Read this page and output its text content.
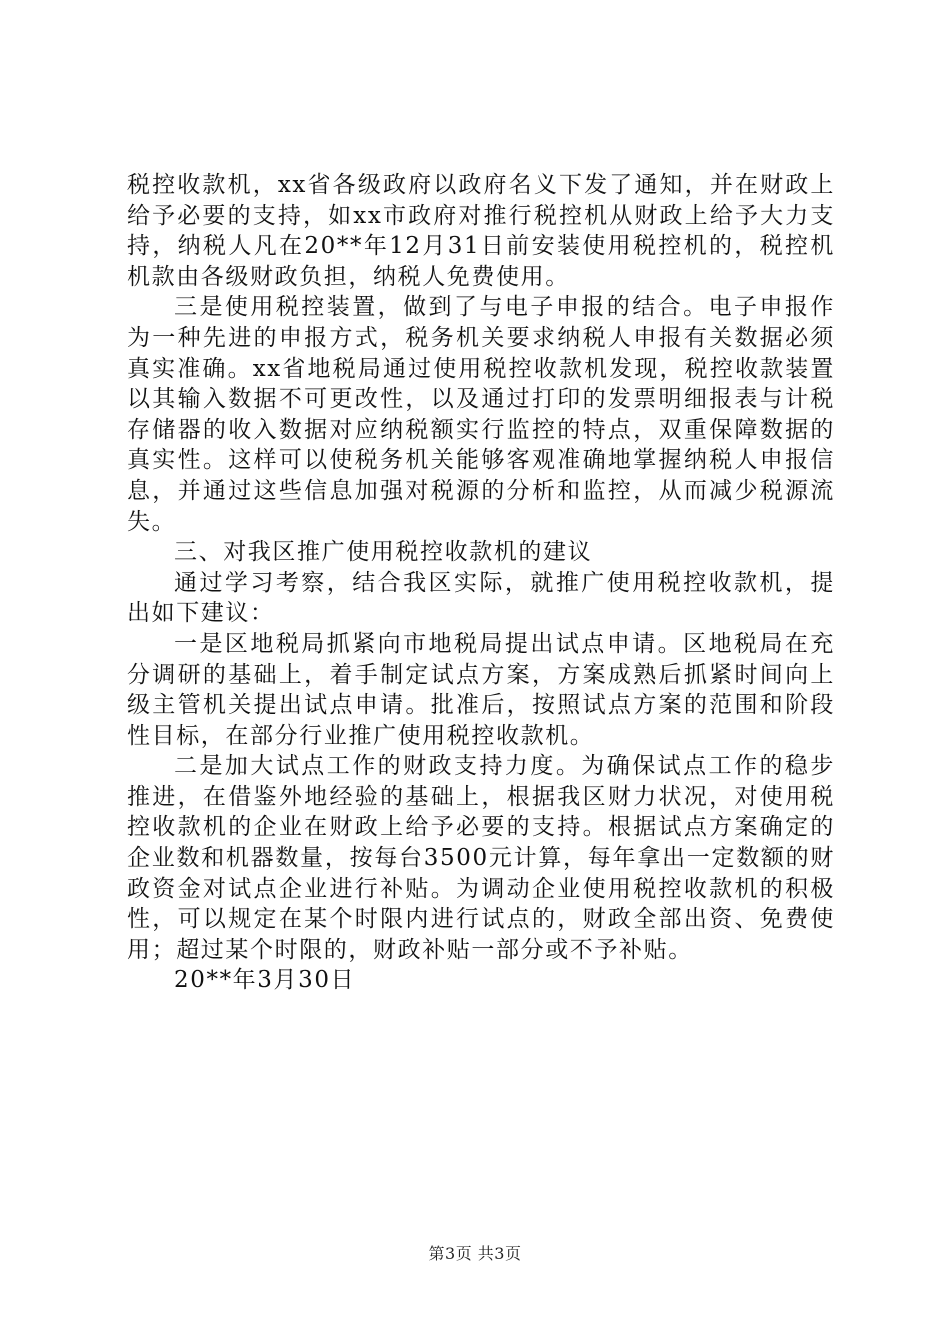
税控收款机，xx省各级政府以政府名义下发了通知，并在财政上给予必要的支持，如xx市政府对推行税控机从财政上给予大力支持，纳税人凡在20**年12月31日前安装使用税控机的，税控机机款由各级财政负担，纳税人免费使用。

三是使用税控装置，做到了与电子申报的结合。电子申报作为一种先进的申报方式，税务机关要求纳税人申报有关数据必须真实准确。xx省地税局通过使用税控收款机发现，税控收款装置以其输入数据不可更改性，以及通过打印的发票明细报表与计税存储器的收入数据对应纳税额实行监控的特点，双重保障数据的真实性。这样可以使税务机关能够客观准确地掌握纳税人申报信息，并通过这些信息加强对税源的分析和监控，从而减少税源流失。

三、对我区推广使用税控收款机的建议

通过学习考察，结合我区实际，就推广使用税控收款机，提出如下建议：

一是区地税局抓紧向市地税局提出试点申请。区地税局在充分调研的基础上，着手制定试点方案，方案成熟后抓紧时间向上级主管机关提出试点申请。批准后，按照试点方案的范围和阶段性目标，在部分行业推广使用税控收款机。

二是加大试点工作的财政支持力度。为确保试点工作的稳步推进，在借鉴外地经验的基础上，根据我区财力状况，对使用税控收款机的企业在财政上给予必要的支持。根据试点方案确定的企业数和机器数量，按每台3500元计算，每年拿出一定数额的财政资金对试点企业进行补贴。为调动企业使用税控收款机的积极性，可以规定在某个时限内进行试点的，财政全部出资、免费使用；超过某个时限的，财政补贴一部分或不予补贴。

20**年3月30日

第3页 共3页
